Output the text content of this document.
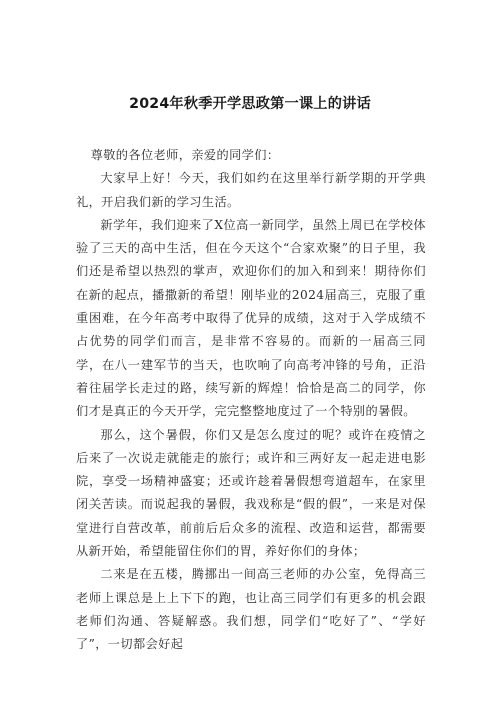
2024年秋季开学思政第一课上的讲话

尊敬的各位老师，亲爱的同学们：

大家早上好！今天，我们如约在这里举行新学期的开学典礼，开启我们新的学习生活。

新学年，我们迎来了X位高一新同学，虽然上周已在学校体验了三天的高中生活，但在今天这个“合家欢聚”的日子里，我们还是希望以热烈的掌声，欢迎你们的加入和到来！期待你们在新的起点，播撒新的希望！刚毕业的2024届高三，克服了重重困难，在今年高考中取得了优异的成绩，这对于入学成绩不占优势的同学们而言，是非常不容易的。而新的一届高三同学，在八一建军节的当天，也吹响了向高考冲锋的号角，正沿着往届学长走过的路，续写新的辉煌！恰恰是高二的同学，你们才是真正的今天开学，完完整整地度过了一个特别的暑假。

那么，这个暑假，你们又是怎么度过的呢？或许在疫情之后来了一次说走就能走的旅行；或许和三两好友一起走进电影院，享受一场精神盛宴；还或许趁着暑假想弯道超车，在家里闭关苦读。而说起我的暑假，我戏称是“假的假”，一来是对保堂进行自营改革，前前后后众多的流程、改造和运营，都需要从新开始，希望能留住你们的胃，养好你们的身体；

二来是在五楼，腾挪出一间高三老师的办公室，免得高三老师上课总是上上下下的跑，也让高三同学们有更多的机会跟老师们沟通、答疑解惑。我们想，同学们“吃好了”、“学好了”，一切都会好起
